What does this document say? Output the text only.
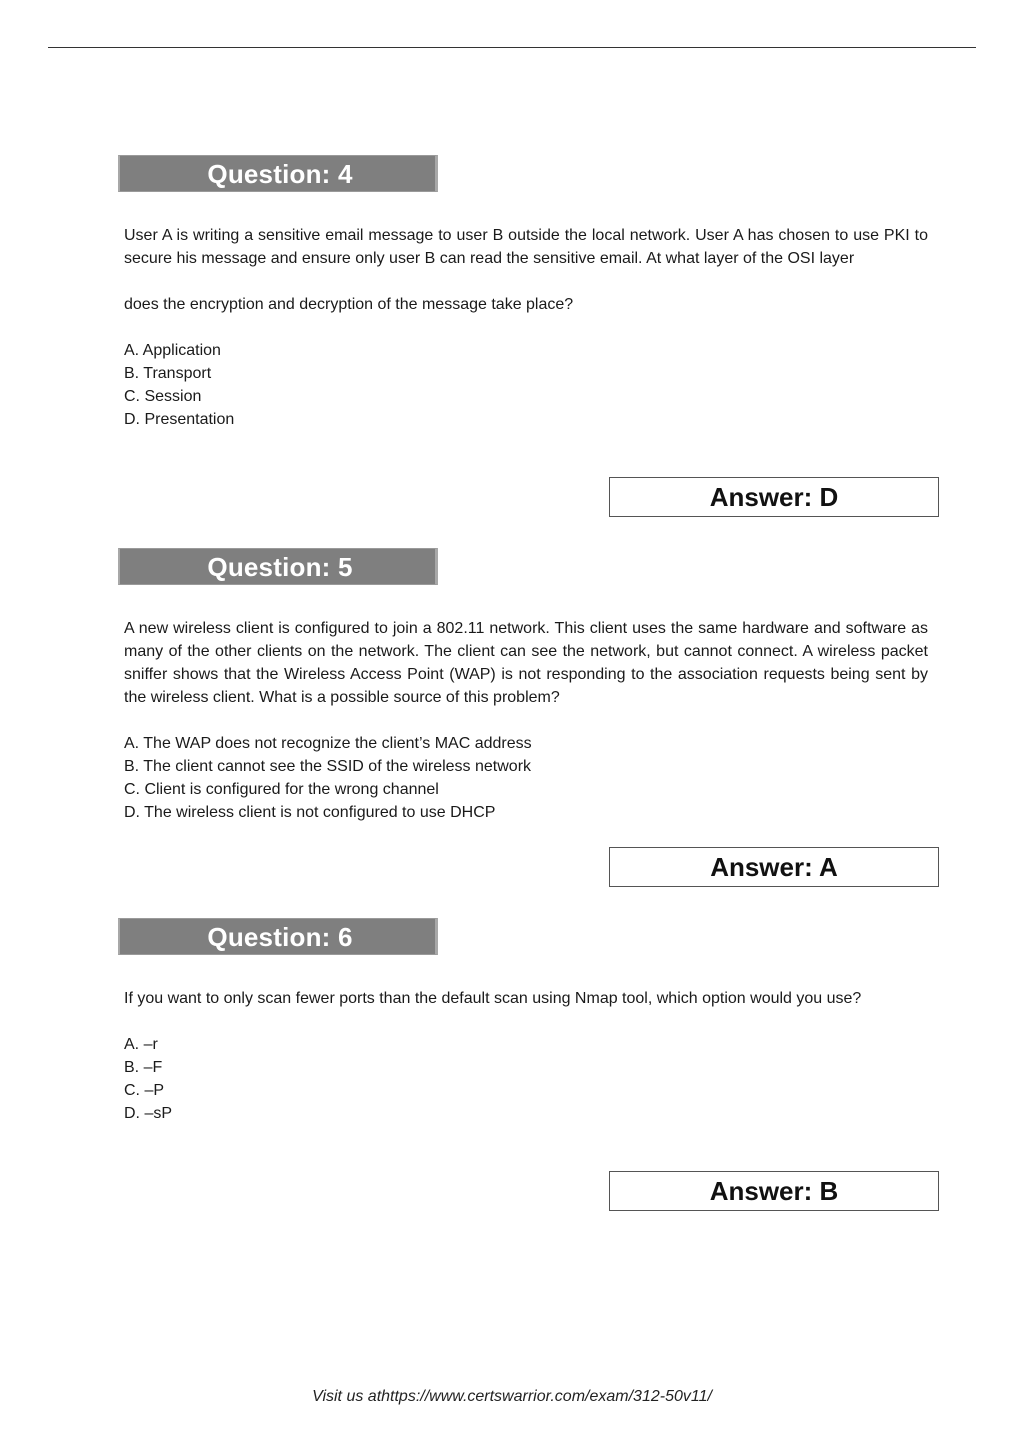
Question: 4

User A is writing a sensitive email message to user B outside the local network. User A has chosen to use PKI to secure his message and ensure only user B can read the sensitive email. At what layer of the OSI layer

does the encryption and decryption of the message take place?

A. Application
B. Transport
C. Session
D. Presentation
Answer: D
Question: 5

A new wireless client is configured to join a 802.11 network. This client uses the same hardware and software as many of the other clients on the network. The client can see the network, but cannot connect. A wireless packet sniffer shows that the Wireless Access Point (WAP) is not responding to the association requests being sent by the wireless client. What is a possible source of this problem?

A. The WAP does not recognize the client’s MAC address
B. The client cannot see the SSID of the wireless network
C. Client is configured for the wrong channel
D. The wireless client is not configured to use DHCP
Answer: A
Question: 6

If you want to only scan fewer ports than the default scan using Nmap tool, which option would you use?

A. –r
B. –F
C. –P
D. –sP
Answer: B
Visit us athttps://www.certswarrior.com/exam/312-50v11/
